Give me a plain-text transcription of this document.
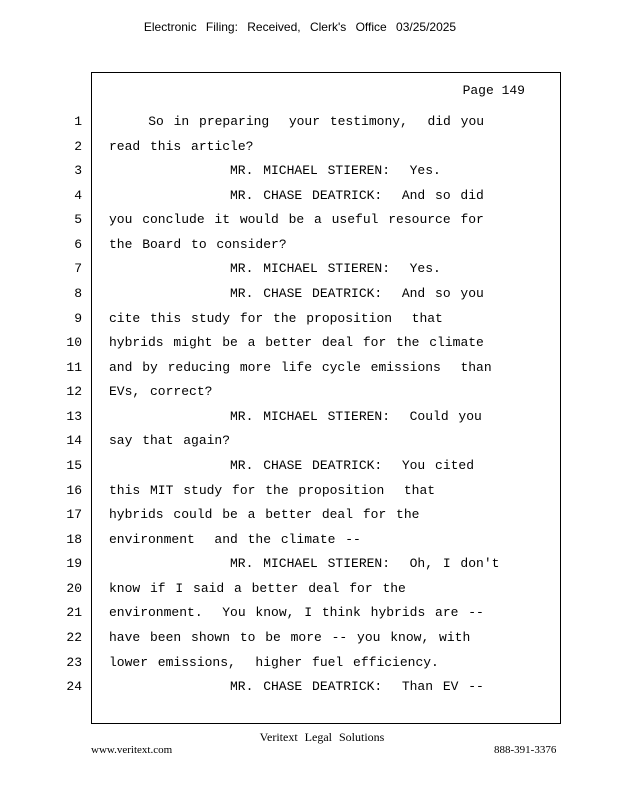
Electronic Filing: Received, Clerk's Office 03/25/2025
Page 149
1 So in preparing  your testimony,  did you
2 read this article?
3	MR. MICHAEL STIEREN:  Yes.
4	MR. CHASE DEATRICK:  And so did
5 you conclude it would be a useful resource for
6 the Board to consider?
7	MR. MICHAEL STIEREN:  Yes.
8	MR. CHASE DEATRICK:  And so you
9 cite this study for the proposition  that
10 hybrids might be a better deal for the climate
11 and by reducing more life cycle emissions  than
12 EVs, correct?
13	MR. MICHAEL STIEREN:  Could you
14 say that again?
15	MR. CHASE DEATRICK:  You cited
16 this MIT study for the proposition  that
17 hybrids could be a better deal for the
18 environment  and the climate --
19	MR. MICHAEL STIEREN:  Oh, I don't
20 know if I said a better deal for the
21 environment.  You know, I think hybrids are --
22 have been shown to be more -- you know, with
23 lower emissions,  higher fuel efficiency.
24	MR. CHASE DEATRICK:  Than EV --
Veritext Legal Solutions
www.veritext.com	888-391-3376
